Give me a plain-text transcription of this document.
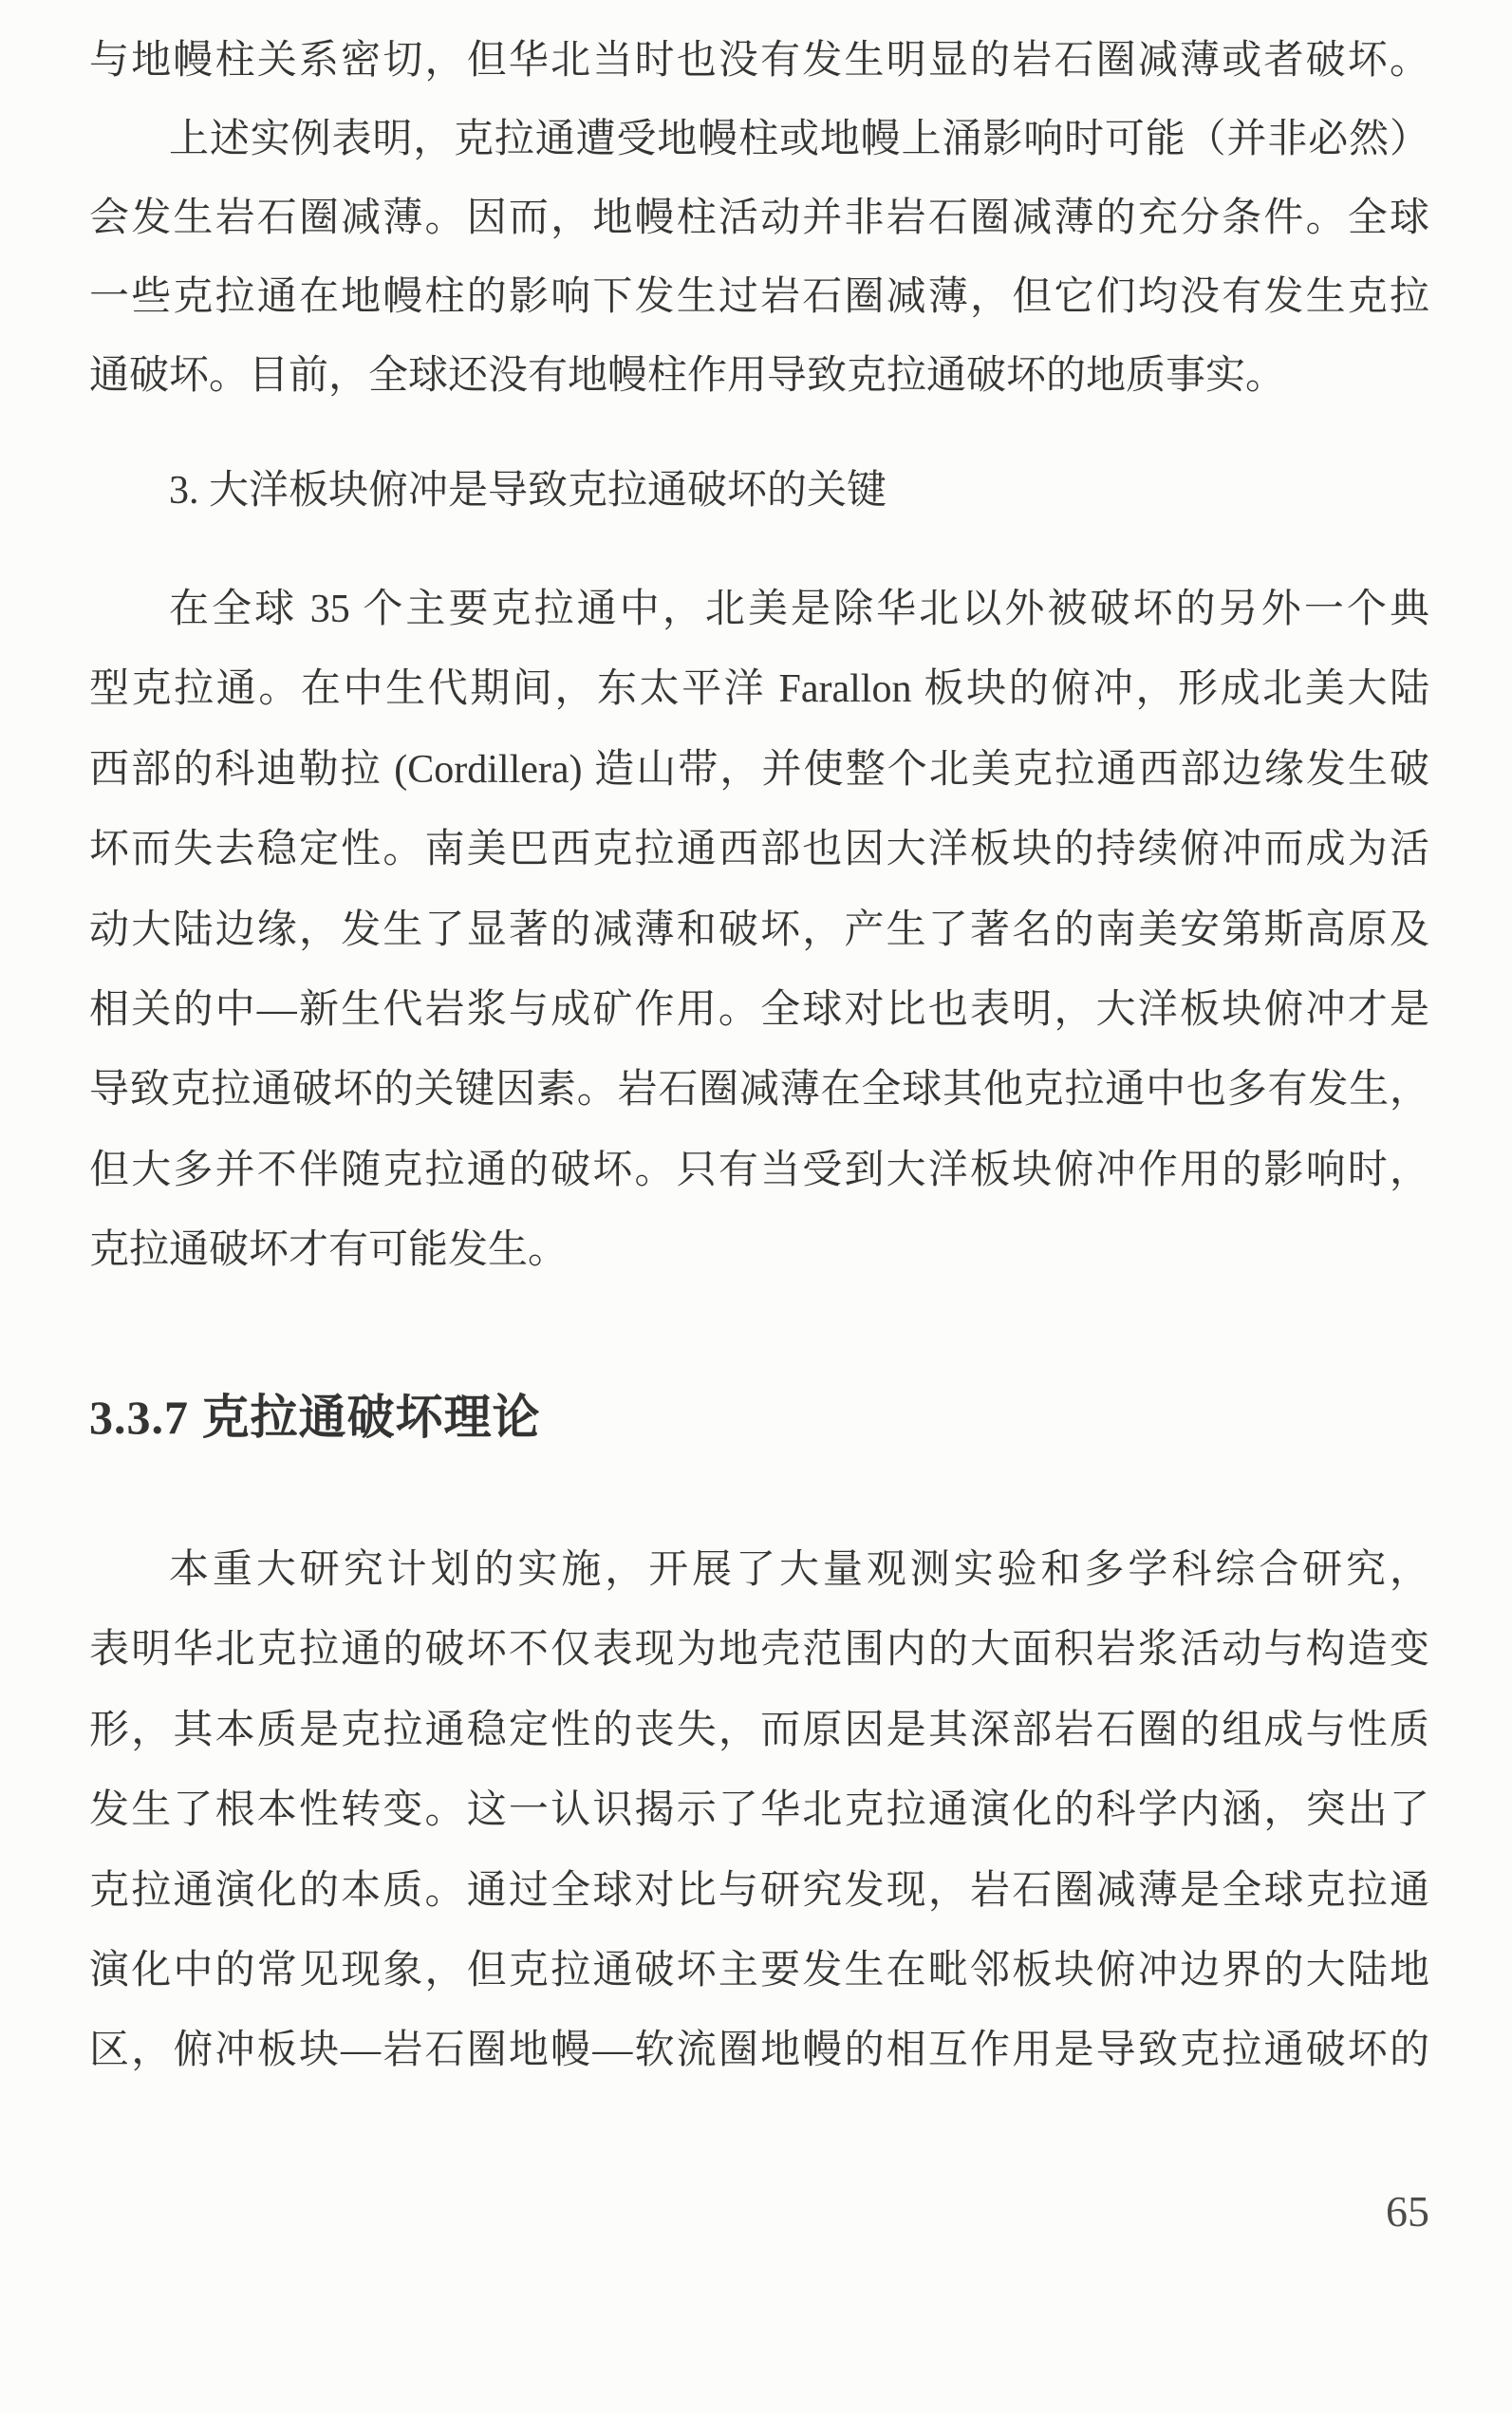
与地幔柱关系密切，但华北当时也没有发生明显的岩石圈减薄或者破坏。
上述实例表明，克拉通遭受地幔柱或地幔上涌影响时可能（并非必然）
会发生岩石圈减薄。因而，地幔柱活动并非岩石圈减薄的充分条件。全球
一些克拉通在地幔柱的影响下发生过岩石圈减薄，但它们均没有发生克拉
通破坏。目前，全球还没有地幔柱作用导致克拉通破坏的地质事实。
3. 大洋板块俯冲是导致克拉通破坏的关键
在全球 35 个主要克拉通中，北美是除华北以外被破坏的另外一个典
型克拉通。在中生代期间，东太平洋 Farallon 板块的俯冲，形成北美大陆
西部的科迪勒拉 (Cordillera) 造山带，并使整个北美克拉通西部边缘发生破
坏而失去稳定性。南美巴西克拉通西部也因大洋板块的持续俯冲而成为活
动大陆边缘，发生了显著的减薄和破坏，产生了著名的南美安第斯高原及
相关的中—新生代岩浆与成矿作用。全球对比也表明，大洋板块俯冲才是
导致克拉通破坏的关键因素。岩石圈减薄在全球其他克拉通中也多有发生，
但大多并不伴随克拉通的破坏。只有当受到大洋板块俯冲作用的影响时，
克拉通破坏才有可能发生。
3.3.7 克拉通破坏理论
本重大研究计划的实施，开展了大量观测实验和多学科综合研究，
表明华北克拉通的破坏不仅表现为地壳范围内的大面积岩浆活动与构造变
形，其本质是克拉通稳定性的丧失，而原因是其深部岩石圈的组成与性质
发生了根本性转变。这一认识揭示了华北克拉通演化的科学内涵，突出了
克拉通演化的本质。通过全球对比与研究发现，岩石圈减薄是全球克拉通
演化中的常见现象，但克拉通破坏主要发生在毗邻板块俯冲边界的大陆地
区，俯冲板块—岩石圈地幔—软流圈地幔的相互作用是导致克拉通破坏的
65
